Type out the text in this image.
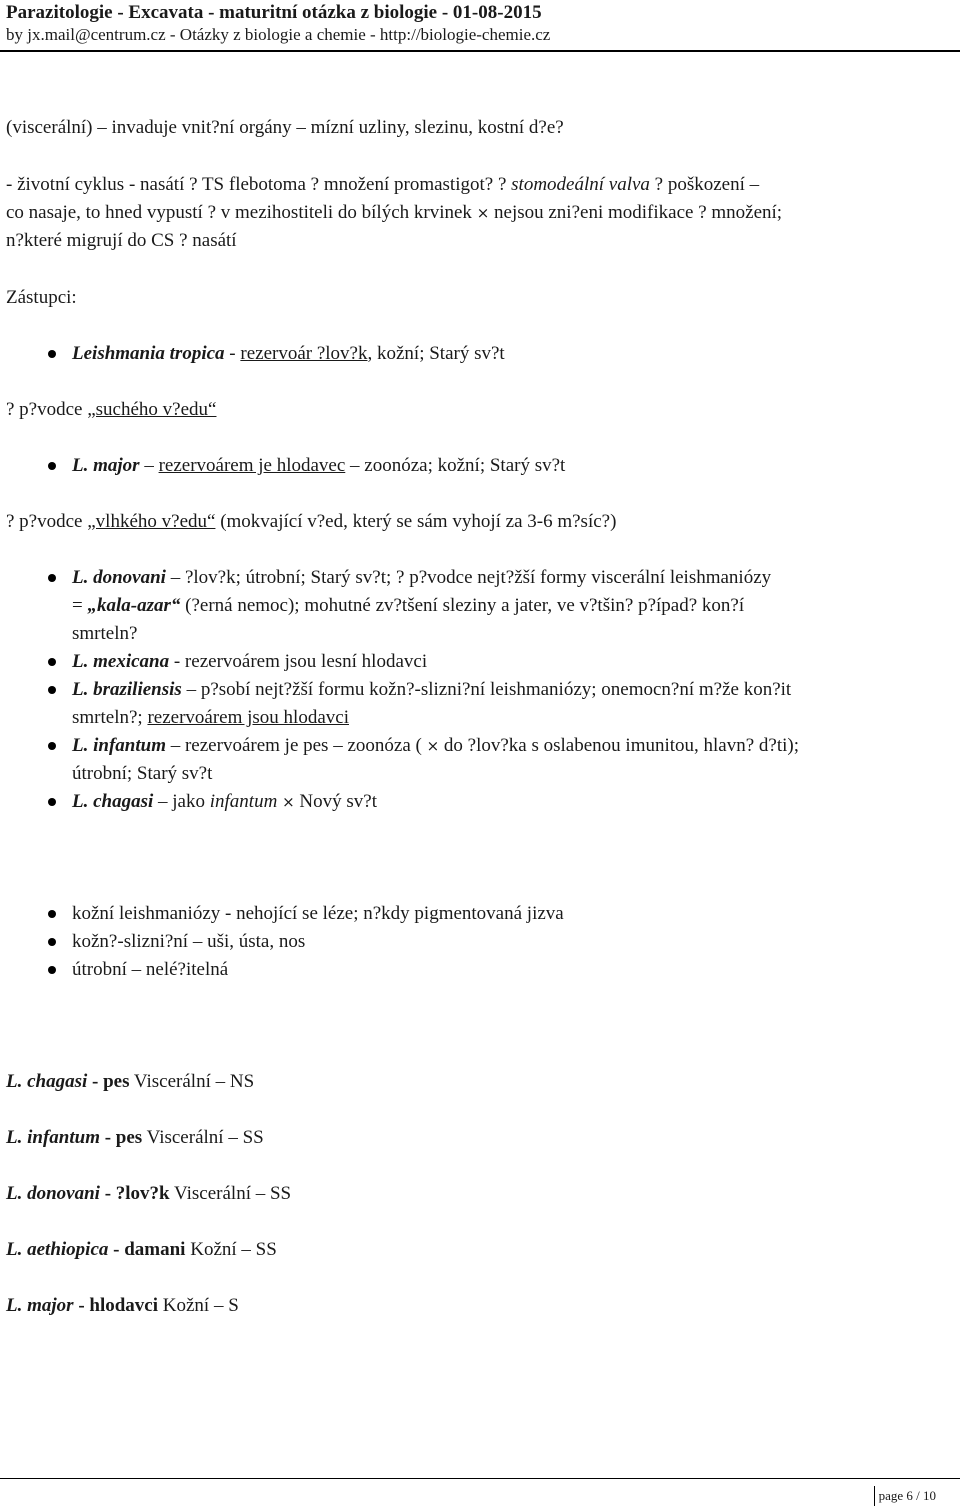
Parazitologie - Excavata - maturitní otázka z biologie - 01-08-2015
by jx.mail@centrum.cz - Otázky z biologie a chemie - http://biologie-chemie.cz
(viscerální) – invaduje vnit?ní orgány – mízní uzliny, slezinu, kostní d?e?
- životní cyklus - nasátí ? TS flebotoma ? množení promastigot? ? stomodeální valva ? poškození –
co nasaje, to hned vypustí ? v mezihostiteli do bílých krvinek × nejsou zni?eni modifikace ? množení;
n?které migrují do CS ? nasátí
Zástupci:
Leishmania tropica - rezervoár ?lov?k, kožní; Starý sv?t
? p?vodce „suchého v?edu“
L. major – rezervoárem je hlodavec – zoonóza; kožní; Starý sv?t
? p?vodce „vlhkého v?edu“ (mokvající v?ed, který se sám vyhojí za 3-6 m?síc?)
L. donovani – ?lov?k; útrobní; Starý sv?t; ? p?vodce nejt?žší formy viscerální leishmaniózy
= „kala-azar“ (?erná nemoc); mohutné zv?tšení sleziny a jater, ve v?tšin? p?ípad? kon?í
smrteln?
L. mexicana - rezervoárem jsou lesní hlodavci
L. braziliensis – p?sobí nejt?žší formu kožn?-slizni?ní leishmaniózy; onemocn?ní m?že kon?it
smrteln?; rezervoárem jsou hlodavci
L. infantum – rezervoárem je pes – zoonóza ( × do ?lov?ka s oslabenou imunitou, hlavn? d?ti);
útrobní; Starý sv?t
L. chagasi – jako infantum × Nový sv?t
kožní leishmaniózy - nehojící se léze; n?kdy pigmentovaná jizva
kožn?-slizni?ní – uši, ústa, nos
útrobní – nelé?itelná
L. chagasi - pes Viscerální – NS
L. infantum - pes Viscerální – SS
L. donovani - ?lov?k Viscerální – SS
L. aethiopica - damani Kožní – SS
L. major - hlodavci Kožní – S
page 6 / 10
